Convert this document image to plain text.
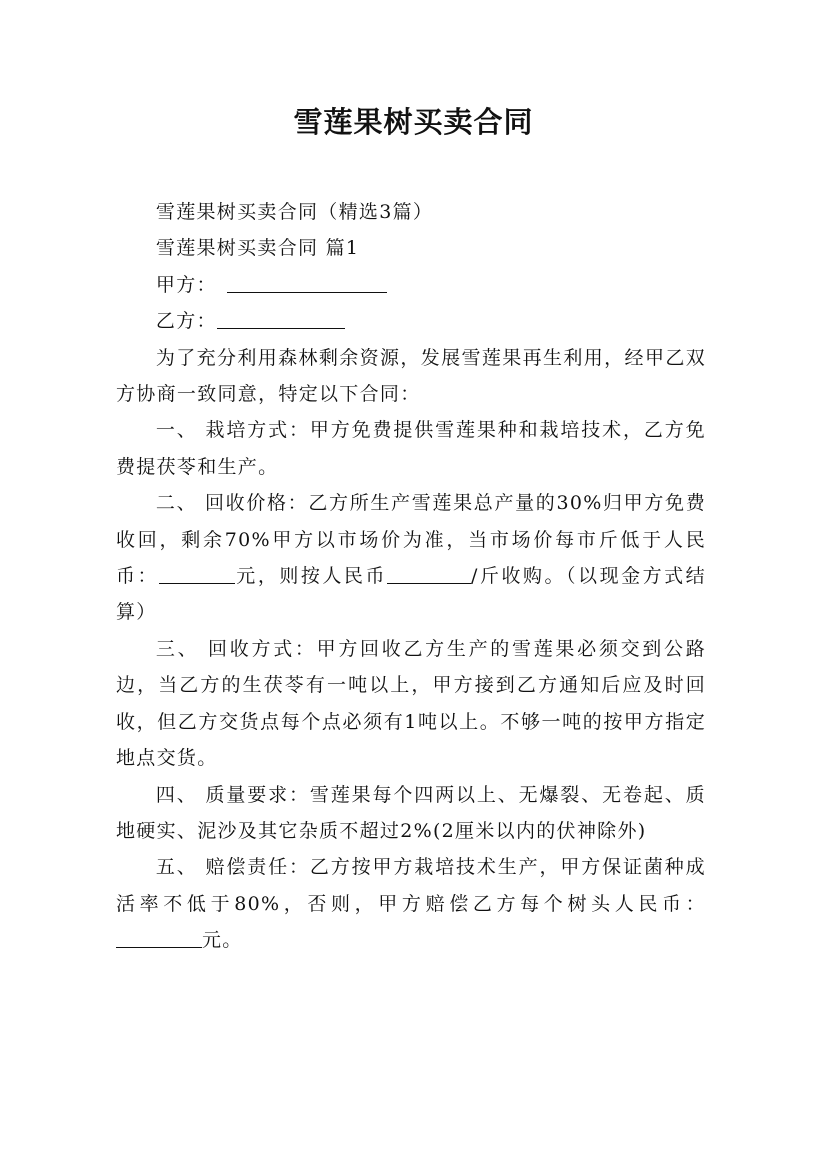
雪莲果树买卖合同

雪莲果树买卖合同（精选3篇）

雪莲果树买卖合同 篇1

甲方：

乙方：

为了充分利用森林剩余资源，发展雪莲果再生利用，经甲乙双方协商一致同意，特定以下合同：

一、 栽培方式：甲方免费提供雪莲果种和栽培技术，乙方免费提茯苓和生产。

二、 回收价格：乙方所生产雪莲果总产量的30%归甲方免费收回，剩余70%甲方以市场价为准，当市场价每市斤低于人民币：	元，则按人民币	/斤收购。（以现金方式结算）

三、 回收方式：甲方回收乙方生产的雪莲果必须交到公路边，当乙方的生茯苓有一吨以上，甲方接到乙方通知后应及时回收，但乙方交货点每个点必须有1吨以上。不够一吨的按甲方指定地点交货。

四、 质量要求：雪莲果每个四两以上、无爆裂、无卷起、质地硬实、泥沙及其它杂质不超过2%(2厘米以内的伏神除外)

五、 赔偿责任：乙方按甲方栽培技术生产，甲方保证菌种成活率不低于80%，否则，甲方赔偿乙方每个树头人民币：元。
